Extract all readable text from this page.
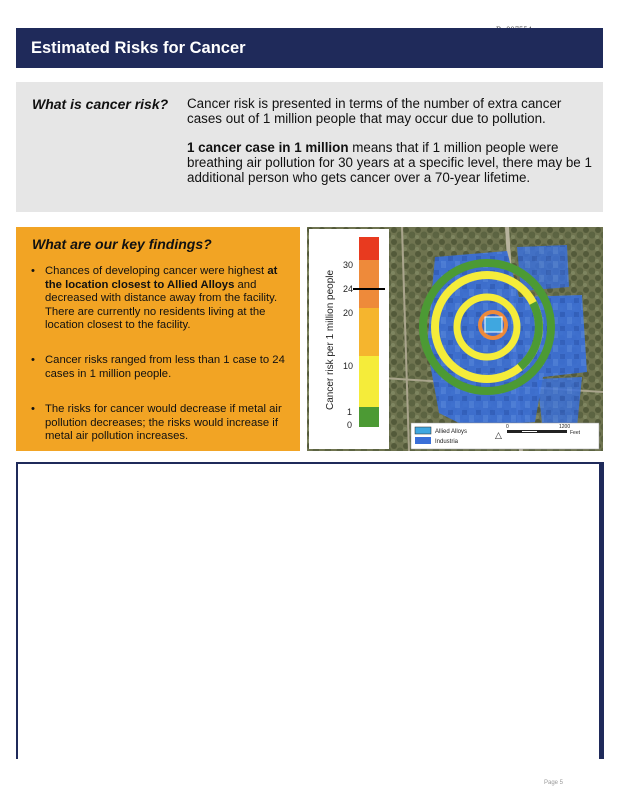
Estimated Risks for Cancer
What is cancer risk? Cancer risk is presented in terms of the number of extra cancer cases out of 1 million people that may occur due to pollution.
1 cancer case in 1 million means that if 1 million people were breathing air pollution for 30 years at a specific level, there may be 1 additional person who gets cancer over a 70-year lifetime.
What are our key findings?
• Chances of developing cancer were highest at the location closest to Allied Alloys and decreased with distance away from the facility. There are currently no residents living at the location closest to the facility.
• Cancer risks ranged from less than 1 case to 24 cases in 1 million people.
• The risks for cancer would decrease if metal air pollution decreases; the risks would increase if metal air pollution increases.
Cancer risk per 1 million people
30
24
20
10
1
0
Allied Alloys
Industria
△
0	1200
Feet
Page 5
